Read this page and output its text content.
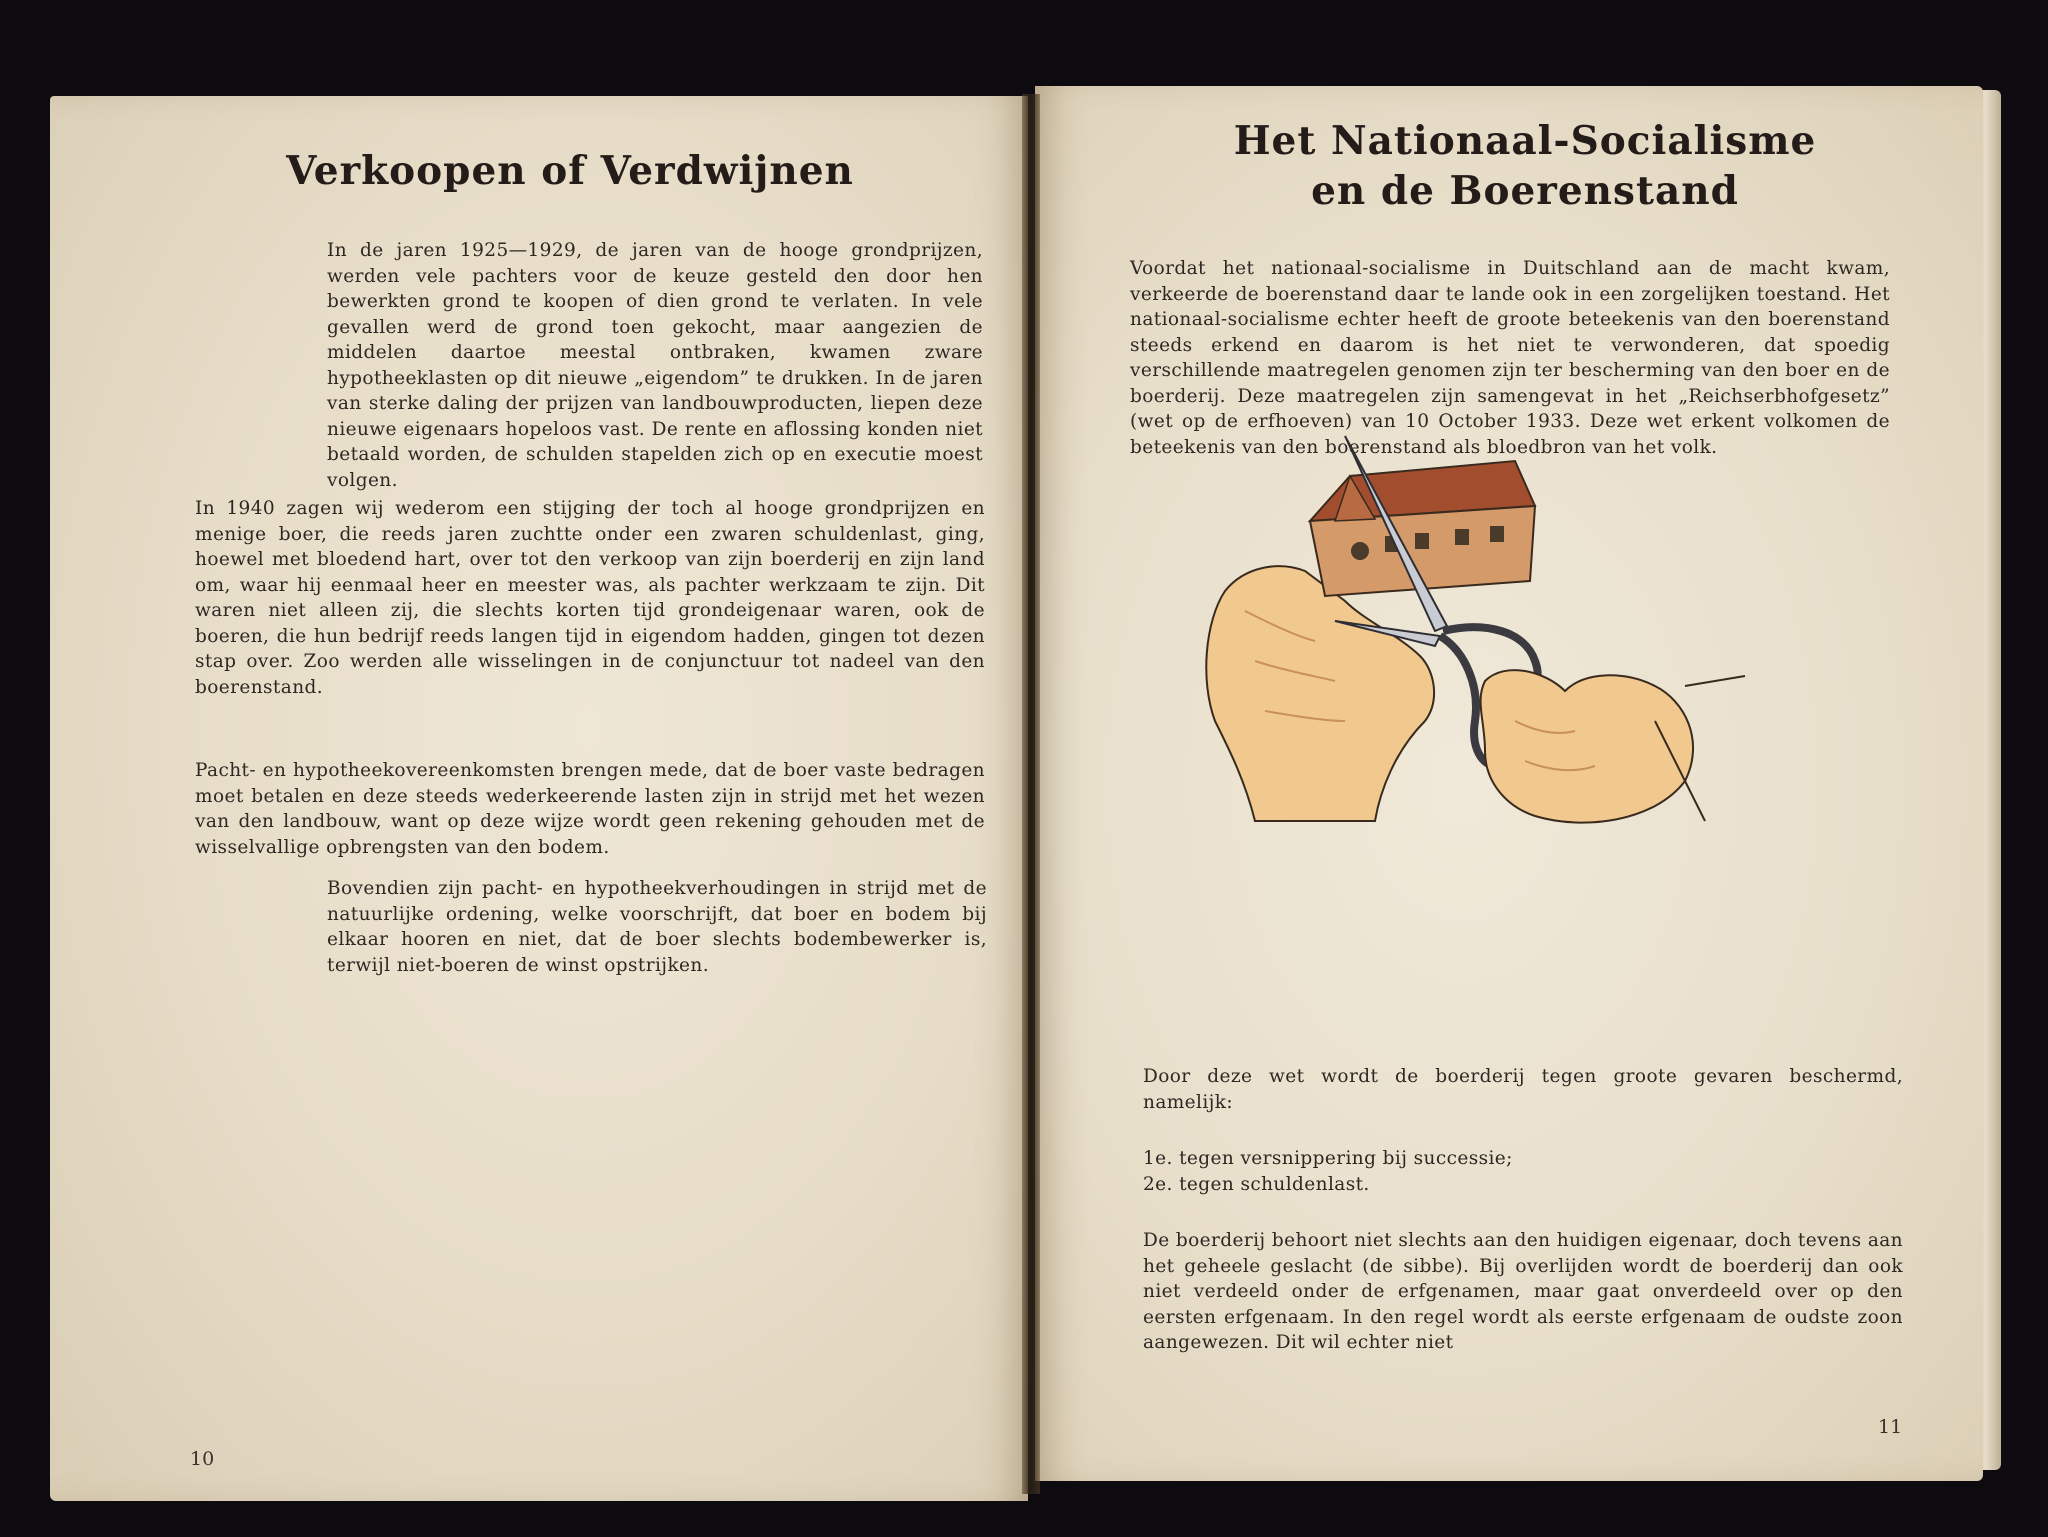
Verkoopen of Verdwijnen

In de jaren 1925—1929, de jaren van de hooge grondprijzen, werden vele pachters voor de keuze gesteld den door hen bewerkten grond te koopen of dien grond te verlaten. In vele gevallen werd de grond toen gekocht, maar aangezien de middelen daartoe meestal ontbraken, kwamen zware hypotheeklasten op dit nieuwe „eigendom” te drukken. In de jaren van sterke daling der prijzen van landbouwproducten, liepen deze nieuwe eigenaars hopeloos vast. De rente en aflossing konden niet betaald worden, de schulden stapelden zich op en executie moest volgen.

In 1940 zagen wij wederom een stijging der toch al hooge grondprijzen en menige boer, die reeds jaren zuchtte onder een zwaren schuldenlast, ging, hoewel met bloedend hart, over tot den verkoop van zijn boerderij en zijn land om, waar hij eenmaal heer en meester was, als pachter werkzaam te zijn. Dit waren niet alleen zij, die slechts korten tijd grondeigenaar waren, ook de boeren, die hun bedrijf reeds langen tijd in eigendom hadden, gingen tot dezen stap over. Zoo werden alle wisselingen in de conjunctuur tot nadeel van den boerenstand.

Pacht- en hypotheekovereenkomsten brengen mede, dat de boer vaste bedragen moet betalen en deze steeds wederkeerende lasten zijn in strijd met het wezen van den landbouw, want op deze wijze wordt geen rekening gehouden met de wisselvallige opbrengsten van den bodem.

Bovendien zijn pacht- en hypotheekverhoudingen in strijd met de natuurlijke ordening, welke voorschrijft, dat boer en bodem bij elkaar hooren en niet, dat de boer slechts bodembewerker is, terwijl niet-boeren de winst opstrijken.

10
Het Nationaal-Socialisme
en de Boerenstand

Voordat het nationaal-socialisme in Duitschland aan de macht kwam, verkeerde de boerenstand daar te lande ook in een zorgelijken toestand. Het nationaal-socialisme echter heeft de groote beteekenis van den boerenstand steeds erkend en daarom is het niet te verwonderen, dat spoedig verschillende maatregelen genomen zijn ter bescherming van den boer en de boerderij. Deze maatregelen zijn samengevat in het „Reichserbhofgesetz” (wet op de erfhoeven) van 10 October 1933. Deze wet erkent volkomen de beteekenis van den boerenstand als bloedbron van het volk.

Door deze wet wordt de boerderij tegen groote gevaren beschermd, namelijk:

1e. tegen versnippering bij successie;

2e. tegen schuldenlast.

De boerderij behoort niet slechts aan den huidigen eigenaar, doch tevens aan het geheele geslacht (de sibbe). Bij overlijden wordt de boerderij dan ook niet verdeeld onder de erfgenamen, maar gaat onverdeeld over op den eersten erfgenaam. In den regel wordt als eerste erfgenaam de oudste zoon aangewezen. Dit wil echter niet

11
